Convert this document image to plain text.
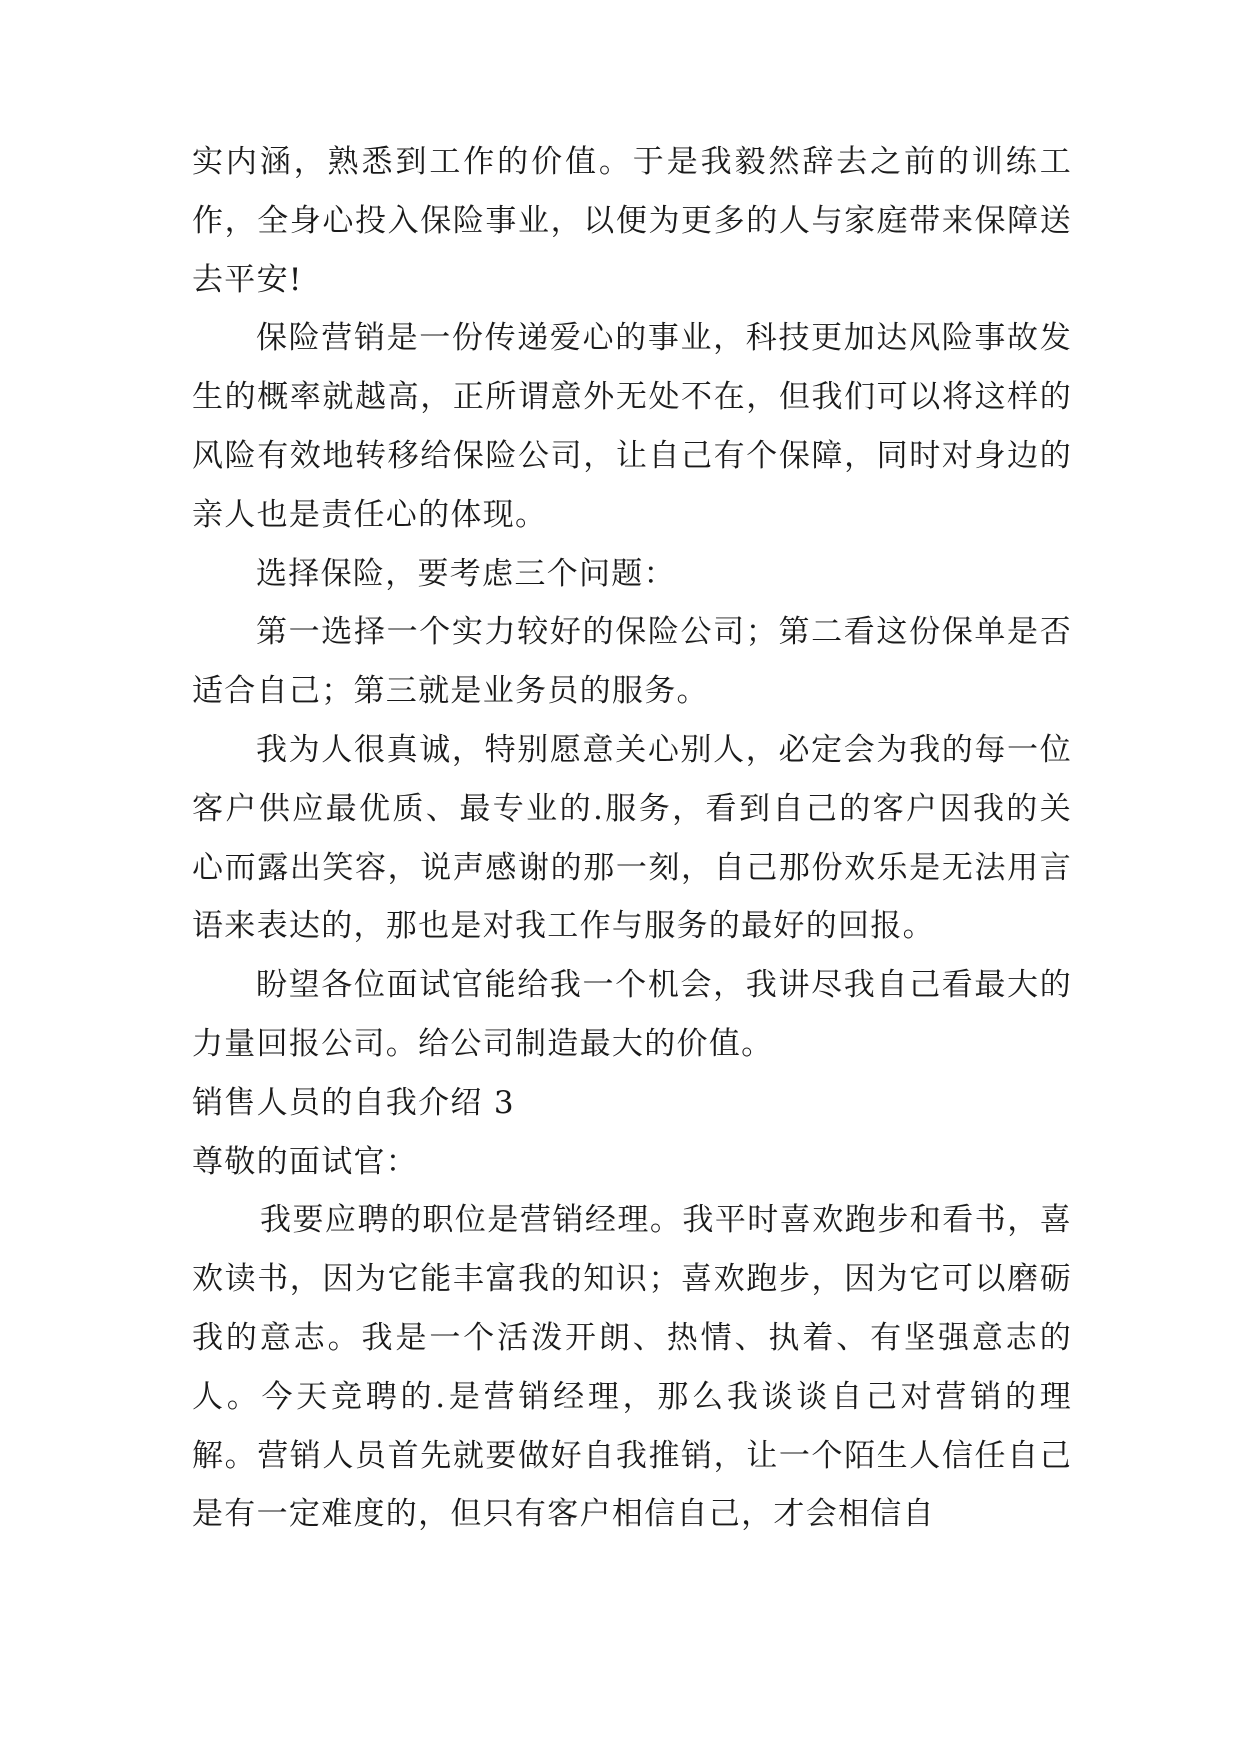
实内涵，熟悉到工作的价值。于是我毅然辞去之前的训练工作，全身心投入保险事业，以便为更多的人与家庭带来保障送去平安!

保险营销是一份传递爱心的事业，科技更加达风险事故发生的概率就越高，正所谓意外无处不在，但我们可以将这样的风险有效地转移给保险公司，让自己有个保障，同时对身边的亲人也是责任心的体现。

选择保险，要考虑三个问题：

第一选择一个实力较好的保险公司；第二看这份保单是否适合自己；第三就是业务员的服务。

我为人很真诚，特别愿意关心别人，必定会为我的每一位客户供应最优质、最专业的.服务，看到自己的客户因我的关心而露出笑容，说声感谢的那一刻，自己那份欢乐是无法用言语来表达的，那也是对我工作与服务的最好的回报。

盼望各位面试官能给我一个机会，我讲尽我自己看最大的力量回报公司。给公司制造最大的价值。

销售人员的自我介绍 3

尊敬的面试官：

我要应聘的职位是营销经理。我平时喜欢跑步和看书，喜欢读书，因为它能丰富我的知识；喜欢跑步，因为它可以磨砺我的意志。我是一个活泼开朗、热情、执着、有坚强意志的人。今天竞聘的.是营销经理，那么我谈谈自己对营销的理解。营销人员首先就要做好自我推销，让一个陌生人信任自己是有一定难度的，但只有客户相信自己，才会相信自
